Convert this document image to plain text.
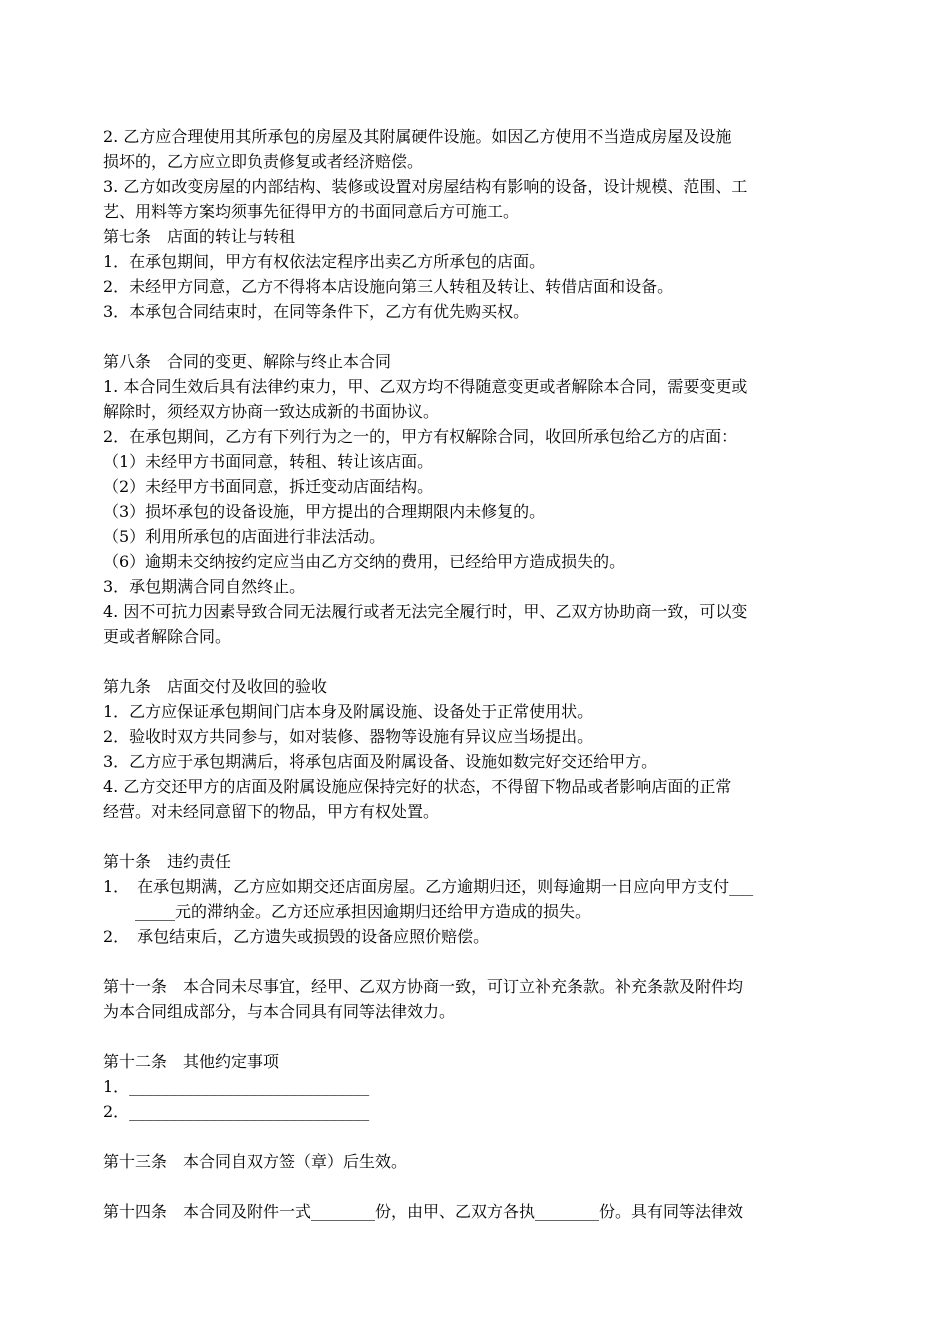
2. 乙方应合理使用其所承包的房屋及其附属硬件设施。如因乙方使用不当造成房屋及设施

损坏的，乙方应立即负责修复或者经济赔偿。

3. 乙方如改变房屋的内部结构、装修或设置对房屋结构有影响的设备，设计规模、范围、工

艺、用料等方案均须事先征得甲方的书面同意后方可施工。

第七条　店面的转让与转租

1．在承包期间，甲方有权依法定程序出卖乙方所承包的店面。

2．未经甲方同意，乙方不得将本店设施向第三人转租及转让、转借店面和设备。

3．本承包合同结束时，在同等条件下，乙方有优先购买权。

第八条　合同的变更、解除与终止本合同

1. 本合同生效后具有法律约束力，甲、乙双方均不得随意变更或者解除本合同，需要变更或

解除时，须经双方协商一致达成新的书面协议。

2．在承包期间，乙方有下列行为之一的，甲方有权解除合同，收回所承包给乙方的店面：

（1）未经甲方书面同意，转租、转让该店面。

（2）未经甲方书面同意，拆迁变动店面结构。

（3）损坏承包的设备设施，甲方提出的合理期限内未修复的。

（5）利用所承包的店面进行非法活动。

（6）逾期未交纳按约定应当由乙方交纳的费用，已经给甲方造成损失的。

3．承包期满合同自然终止。

4. 因不可抗力因素导致合同无法履行或者无法完全履行时，甲、乙双方协助商一致，可以变

更或者解除合同。

第九条　店面交付及收回的验收

1．乙方应保证承包期间门店本身及附属设施、设备处于正常使用状。

2．验收时双方共同参与，如对装修、器物等设施有异议应当场提出。

3．乙方应于承包期满后，将承包店面及附属设备、设施如数完好交还给甲方。

4. 乙方交还甲方的店面及附属设施应保持完好的状态，不得留下物品或者影响店面的正常

经营。对未经同意留下的物品，甲方有权处置。

第十条　违约责任

1．　在承包期满，乙方应如期交还店面房屋。乙方逾期归还，则每逾期一日应向甲方支付___

　　_____元的滞纳金。乙方还应承担因逾期归还给甲方造成的损失。

2．　承包结束后，乙方遗失或损毁的设备应照价赔偿。

第十一条　本合同未尽事宜，经甲、乙双方协商一致，可订立补充条款。补充条款及附件均

为本合同组成部分，与本合同具有同等法律效力。

第十二条　其他约定事项

1．______________________________

2．______________________________

第十三条　本合同自双方签（章）后生效。

第十四条　本合同及附件一式________份，由甲、乙双方各执________份。具有同等法律效
